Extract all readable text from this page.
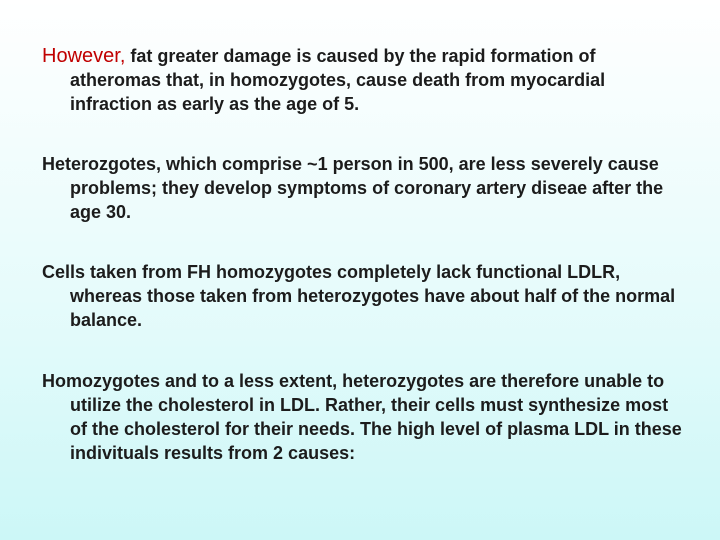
However, fat greater damage is caused by the rapid formation of atheromas that, in homozygotes, cause death from myocardial infraction as early as the age of 5.

Heterozgotes, which comprise ~1 person in 500, are less severely cause problems; they develop symptoms of coronary artery diseae after the age 30.

Cells taken from FH homozygotes completely lack functional LDLR, whereas those taken from heterozygotes have about half of the normal balance.

Homozygotes and to a less extent, heterozygotes are therefore unable to utilize the cholesterol in LDL. Rather, their cells must synthesize most of the cholesterol for their needs. The high level of plasma LDL in these indivituals results from 2 causes:
